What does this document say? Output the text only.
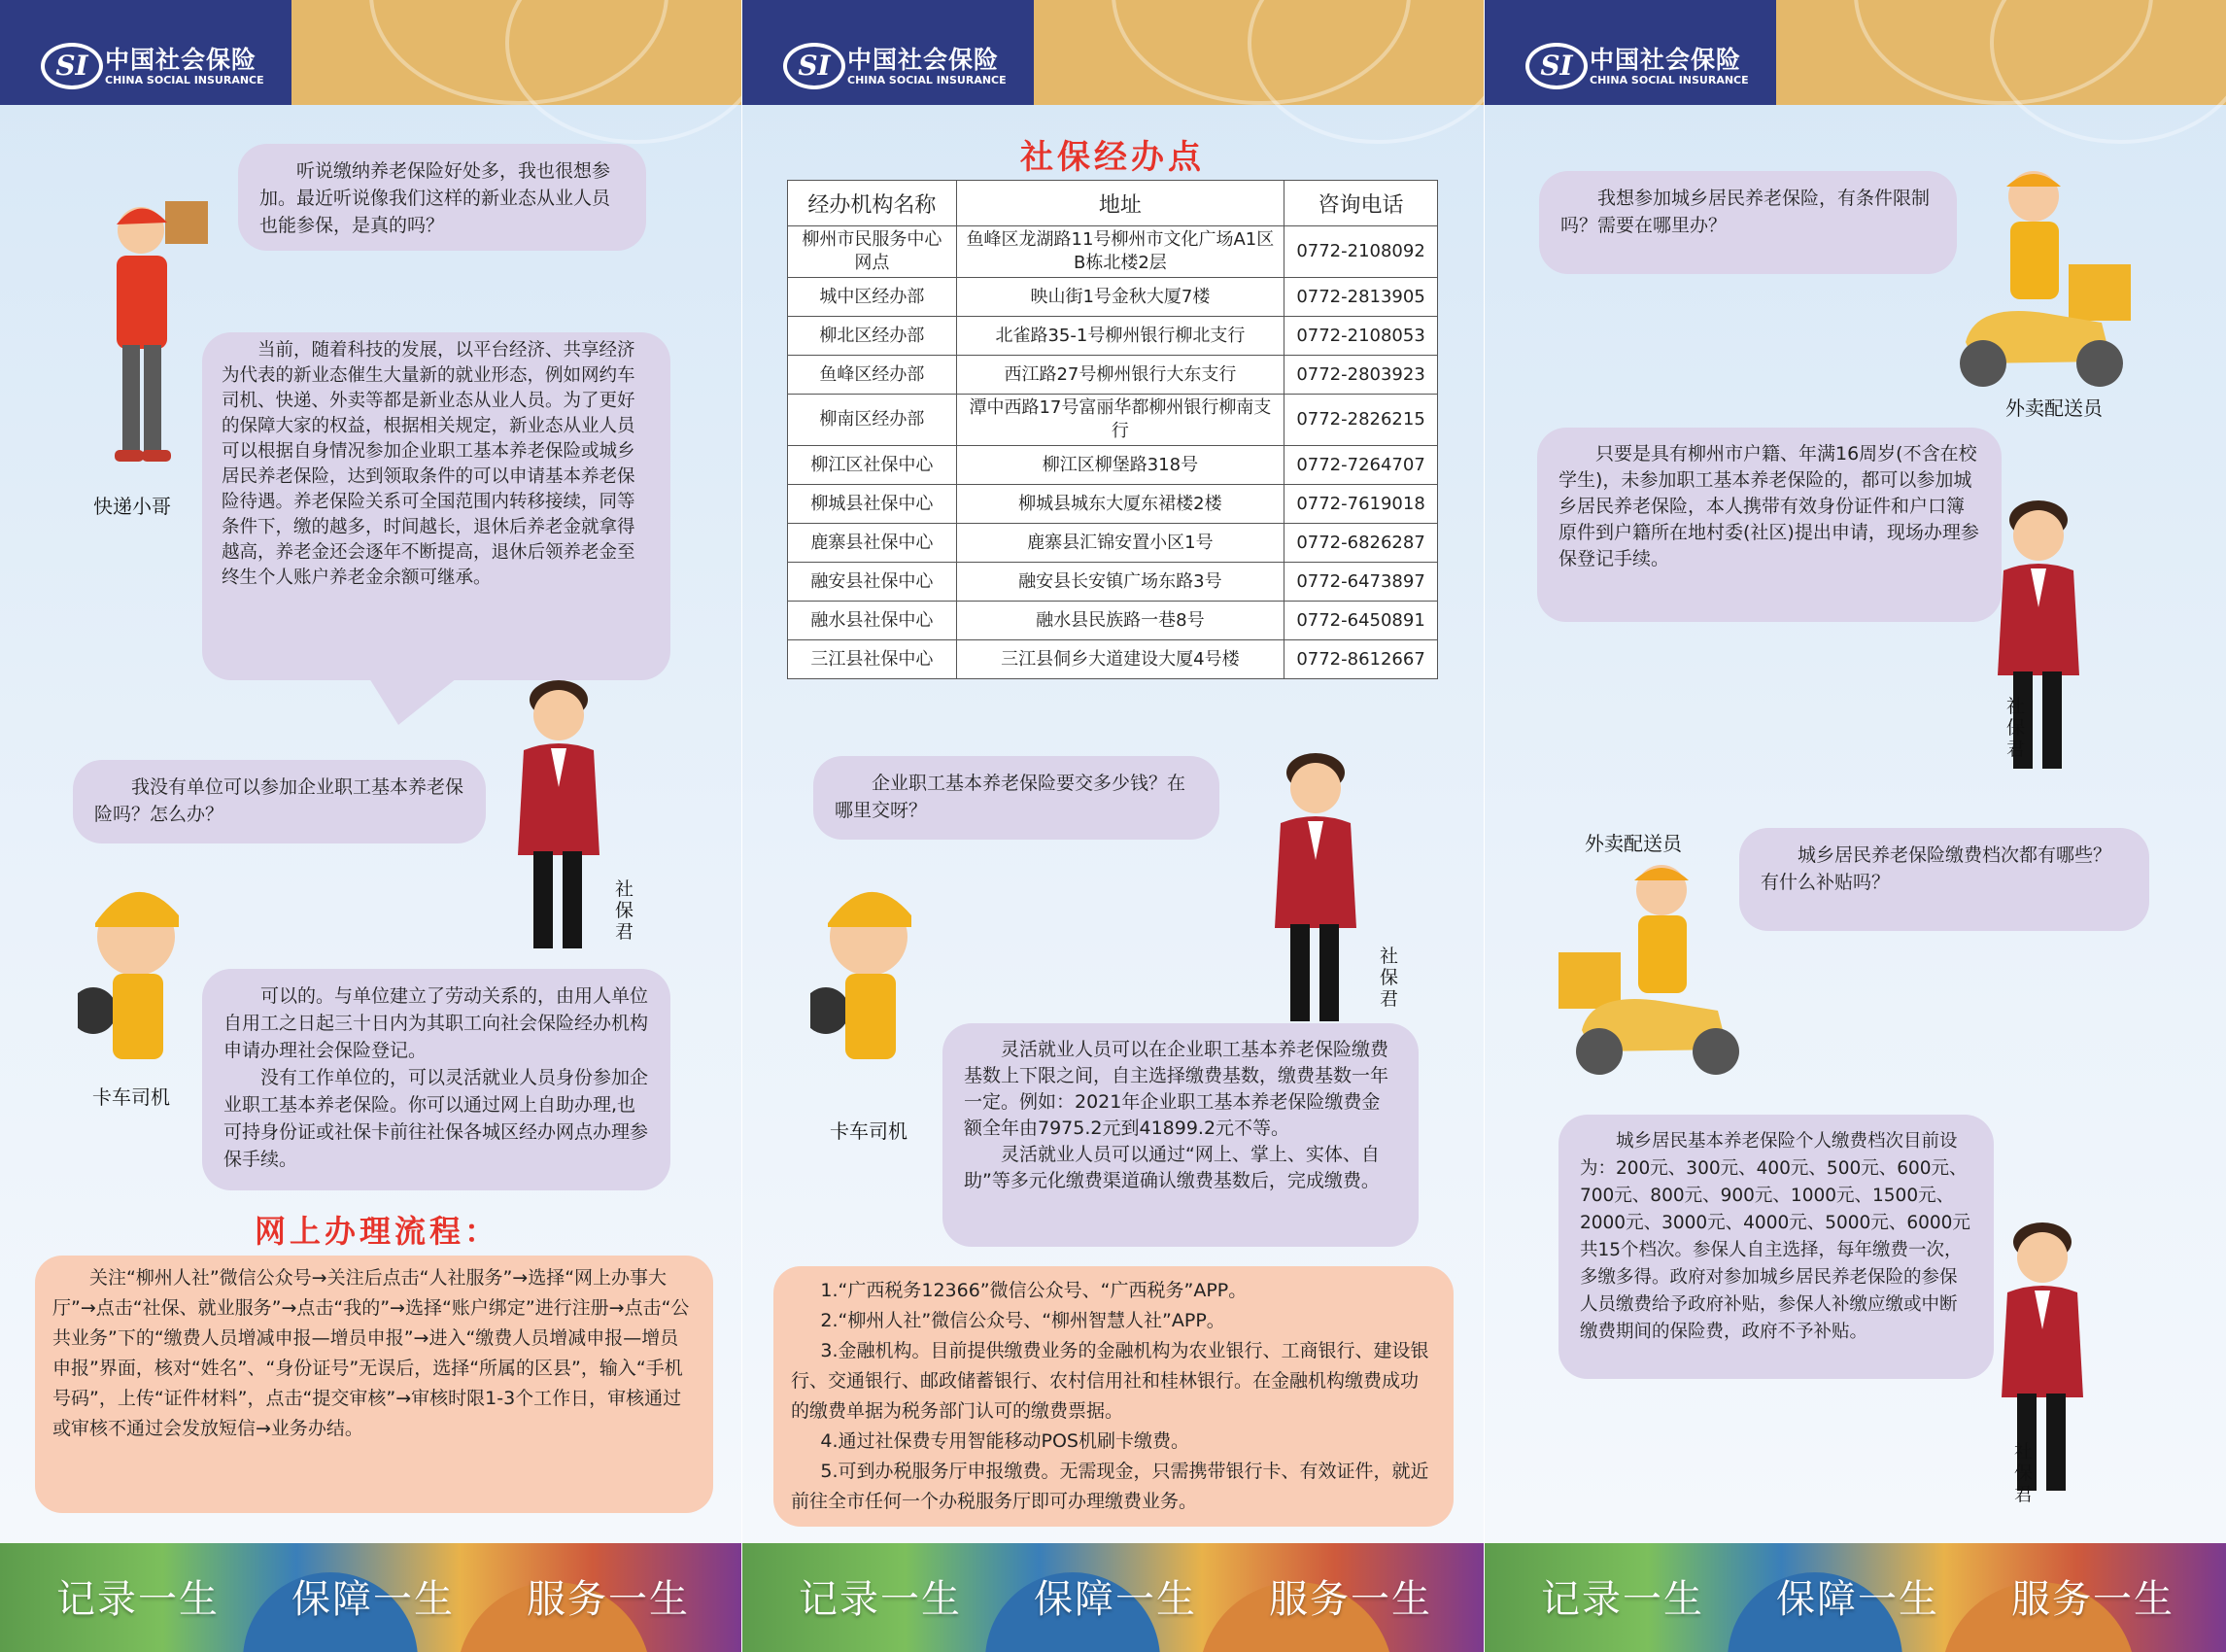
SI 中国社会保险
CHINA SOCIAL INSURANCE
快递小哥

听说缴纳养老保险好处多，我也很想参加。最近听说像我们这样的新业态从业人员也能参保，是真的吗？

当前，随着科技的发展，以平台经济、共享经济为代表的新业态催生大量新的就业形态，例如网约车司机、快递、外卖等都是新业态从业人员。为了更好的保障大家的权益，根据相关规定，新业态从业人员可以根据自身情况参加企业职工基本养老保险或城乡居民养老保险，达到领取条件的可以申请基本养老保险待遇。养老保险关系可全国范围内转移接续，同等条件下，缴的越多，时间越长，退休后养老金就拿得越高，养老金还会逐年不断提高，退休后领养老金至终生个人账户养老金余额可继承。

我没有单位可以参加企业职工基本养老保险吗？怎么办？

社保君
卡车司机

可以的。与单位建立了劳动关系的，由用人单位自用工之日起三十日内为其职工向社会保险经办机构申请办理社会保险登记。

没有工作单位的，可以灵活就业人员身份参加企业职工基本养老保险。你可以通过网上自助办理,也可持身份证或社保卡前往社保各城区经办网点办理参保手续。

网上办理流程：

关注“柳州人社”微信公众号→关注后点击“人社服务”→选择“网上办事大厅”→点击“社保、就业服务”→点击“我的”→选择“账户绑定”进行注册→点击“公共业务”下的“缴费人员增减申报—增员申报”→进入“缴费人员增减申报—增员申报”界面，核对“姓名”、“身份证号”无误后，选择“所属的区县”，输入“手机号码”，上传“证件材料”，点击“提交审核”→审核时限1-3个工作日，审核通过或审核不通过会发放短信→业务办结。

记录一生 保障一生 服务一生
SI 中国社会保险
CHINA SOCIAL INSURANCE
社保经办点
经办机构名称	地址	咨询电话
柳州市民服务中心网点	鱼峰区龙湖路11号柳州市文化广场A1区B栋北楼2层	0772-2108092
城中区经办部	映山街1号金秋大厦7楼	0772-2813905
柳北区经办部	北雀路35-1号柳州银行柳北支行	0772-2108053
鱼峰区经办部	西江路27号柳州银行大东支行	0772-2803923
柳南区经办部	潭中西路17号富丽华都柳州银行柳南支行	0772-2826215
柳江区社保中心	柳江区柳堡路318号	0772-7264707
柳城县社保中心	柳城县城东大厦东裙楼2楼	0772-7619018
鹿寨县社保中心	鹿寨县汇锦安置小区1号	0772-6826287
融安县社保中心	融安县长安镇广场东路3号	0772-6473897
融水县社保中心	融水县民族路一巷8号	0772-6450891
三江县社保中心	三江县侗乡大道建设大厦4号楼	0772-8612667

企业职工基本养老保险要交多少钱？在哪里交呀？

社保君
卡车司机

灵活就业人员可以在企业职工基本养老保险缴费基数上下限之间，自主选择缴费基数，缴费基数一年一定。例如：2021年企业职工基本养老保险缴费金额全年由7975.2元到41899.2元不等。

灵活就业人员可以通过“网上、掌上、实体、自助”等多元化缴费渠道确认缴费基数后，完成缴费。

1.“广西税务12366”微信公众号、“广西税务”APP。

2.“柳州人社”微信公众号、“柳州智慧人社”APP。

3.金融机构。目前提供缴费业务的金融机构为农业银行、工商银行、建设银行、交通银行、邮政储蓄银行、农村信用社和桂林银行。在金融机构缴费成功的缴费单据为税务部门认可的缴费票据。

4.通过社保费专用智能移动POS机刷卡缴费。

5.可到办税服务厅申报缴费。无需现金，只需携带银行卡、有效证件，就近前往全市任何一个办税服务厅即可办理缴费业务。

记录一生 保障一生 服务一生
SI 中国社会保险
CHINA SOCIAL INSURANCE

我想参加城乡居民养老保险，有条件限制吗？需要在哪里办？

外卖配送员

只要是具有柳州市户籍、年满16周岁(不含在校学生)，未参加职工基本养老保险的，都可以参加城乡居民养老保险，本人携带有效身份证件和户口簿原件到户籍所在地村委(社区)提出申请，现场办理参保登记手续。

社保君
外卖配送员	城乡居民养老保险缴费档次都有哪些？有什么补贴吗？

城乡居民基本养老保险个人缴费档次目前设为：200元、300元、400元、500元、600元、700元、800元、900元、1000元、1500元、2000元、3000元、4000元、5000元、6000元共15个档次。参保人自主选择，每年缴费一次，多缴多得。政府对参加城乡居民养老保险的参保人员缴费给予政府补贴，参保人补缴应缴或中断缴费期间的保险费，政府不予补贴。

社保君
记录一生 保障一生 服务一生
